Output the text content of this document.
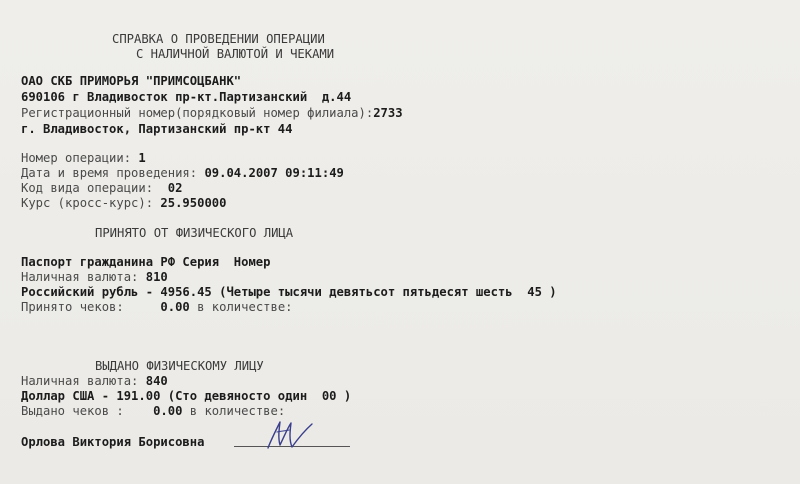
СПРАВКА О ПРОВЕДЕНИИ ОПЕРАЦИИ
С НАЛИЧНОЙ ВАЛЮТОЙ И ЧЕКАМИ
ОАО СКБ ПРИМОРЬЯ "ПРИМСОЦБАНК"
690106 г Владивосток пр-кт.Партизанский  д.44
Регистрационный номер(порядковый номер филиала):2733
г. Владивосток, Партизанский пр-кт 44
Номер операции: 1
Дата и время проведения: 09.04.2007 09:11:49
Код вида операции: 02
Курс (кросс-курс): 25.950000
ПРИНЯТО ОТ ФИЗИЧЕСКОГО ЛИЦА
Паспорт гражданина РФ Серия  Номер
Наличная валюта: 810
Российский рубль - 4956.45 (Четыре тысячи девятьсот пятьдесят шесть  45 )
Принято чеков:	0.00 в количестве:
ВЫДАНО ФИЗИЧЕСКОМУ ЛИЦУ
Наличная валюта: 840
Доллар США - 191.00 (Сто девяносто один  00 )
Выдано чеков : 0.00 в количестве:
Орлова Виктория Борисовна
